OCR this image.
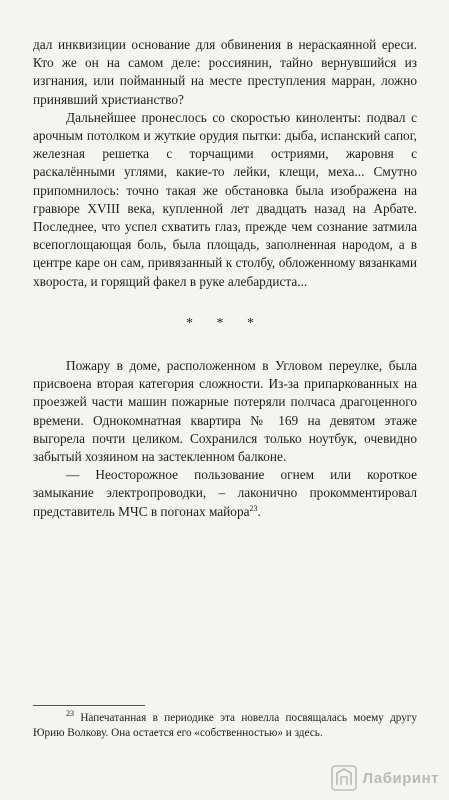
дал инквизиции основание для обвинения в нераскаянной ереси. Кто же он на самом деле: россиянин, тайно вернувшийся из изгнания, или пойманный на месте преступления марран, ложно принявший христианство?

Дальнейшее пронеслось со скоростью киноленты: подвал с арочным потолком и жуткие орудия пытки: дыба, испанский сапог, железная решетка с торчащими остриями, жаровня с раскалёнными углями, какие-то лейки, клещи, меха... Смутно припомнилось: точно такая же обстановка была изображена на гравюре XVIII века, купленной лет двадцать назад на Арбате. Последнее, что успел схватить глаз, прежде чем сознание затмила всепоглощающая боль, была площадь, заполненная народом, а в центре каре он сам, привязанный к столбу, обложенному вязанками хвороста, и горящий факел в руке алебардиста...

* * *

Пожару в доме, расположенном в Угловом переулке, была присвоена вторая категория сложности. Из-за припаркованных на проезжей части машин пожарные потеряли полчаса драгоценного времени. Однокомнатная квартира № 169 на девятом этаже выгорела почти целиком. Сохранился только ноутбук, очевидно забытый хозяином на застекленном балконе.

— Неосторожное пользование огнем или короткое замыкание электропроводки, – лаконично прокомментировал представитель МЧС в погонах майора$^{23}$.

$^{23}$ Напечатанная в периодике эта новелла посвящалась моему другу Юрию Волкову. Она остается его «собственностью» и здесь.

Лабиринт
